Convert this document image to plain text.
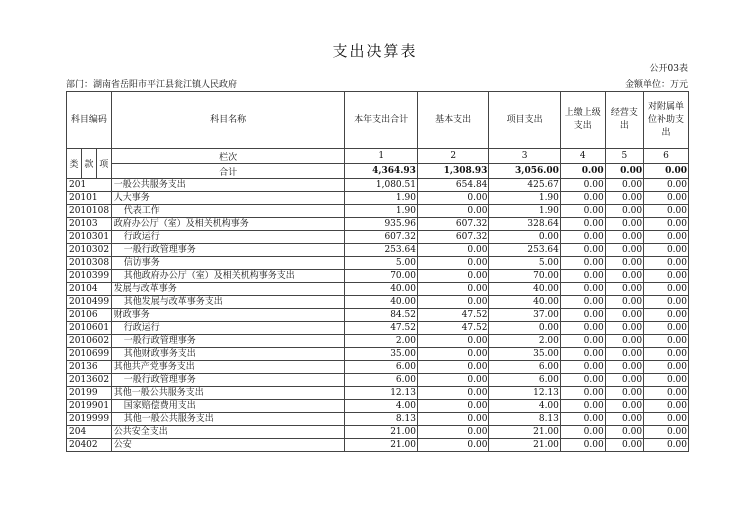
支出决算表
公开03表
部门：湖南省岳阳市平江县瓮江镇人民政府	金额单位：万元
科目编码			科目名称	本年支出合计	基本支出	项目支出	上缴上级支出	经营支出	对附属单位补助支出
类	款	项	栏次	1	2	3	4	5	6
			合计	4,364.93	1,308.93	3,056.00	0.00	0.00	0.00
201			一般公共服务支出	1,080.51	654.84	425.67	0.00	0.00	0.00
20101			人大事务	1.90	0.00	1.90	0.00	0.00	0.00
2010108			代表工作	1.90	0.00	1.90	0.00	0.00	0.00
20103			政府办公厅（室）及相关机构事务	935.96	607.32	328.64	0.00	0.00	0.00
2010301			行政运行	607.32	607.32	0.00	0.00	0.00	0.00
2010302			一般行政管理事务	253.64	0.00	253.64	0.00	0.00	0.00
2010308			信访事务	5.00	0.00	5.00	0.00	0.00	0.00
2010399			其他政府办公厅（室）及相关机构事务支出	70.00	0.00	70.00	0.00	0.00	0.00
20104			发展与改革事务	40.00	0.00	40.00	0.00	0.00	0.00
2010499			其他发展与改革事务支出	40.00	0.00	40.00	0.00	0.00	0.00
20106			财政事务	84.52	47.52	37.00	0.00	0.00	0.00
2010601			行政运行	47.52	47.52	0.00	0.00	0.00	0.00
2010602			一般行政管理事务	2.00	0.00	2.00	0.00	0.00	0.00
2010699			其他财政事务支出	35.00	0.00	35.00	0.00	0.00	0.00
20136			其他共产党事务支出	6.00	0.00	6.00	0.00	0.00	0.00
2013602			一般行政管理事务	6.00	0.00	6.00	0.00	0.00	0.00
20199			其他一般公共服务支出	12.13	0.00	12.13	0.00	0.00	0.00
2019901			国家赔偿费用支出	4.00	0.00	4.00	0.00	0.00	0.00
2019999			其他一般公共服务支出	8.13	0.00	8.13	0.00	0.00	0.00
204			公共安全支出	21.00	0.00	21.00	0.00	0.00	0.00
20402			公安	21.00	0.00	21.00	0.00	0.00	0.00
